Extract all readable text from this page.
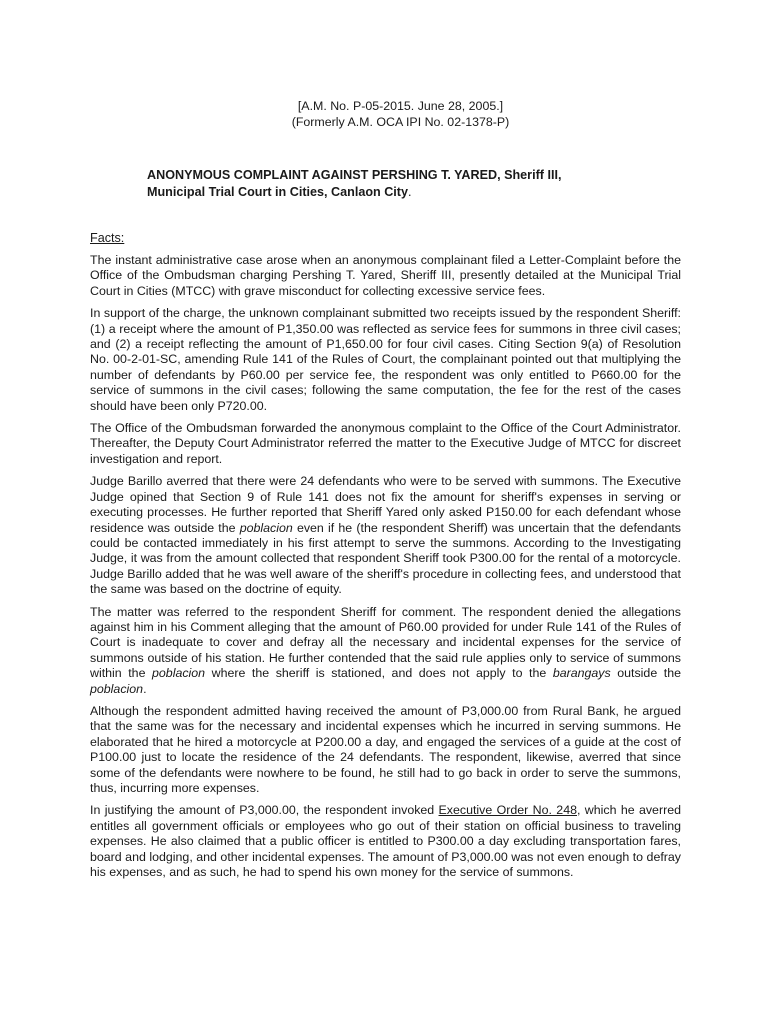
[A.M. No. P-05-2015. June 28, 2005.]
(Formerly A.M. OCA IPI No. 02-1378-P)
ANONYMOUS COMPLAINT AGAINST PERSHING T. YARED, Sheriff III,
Municipal Trial Court in Cities, Canlaon City.
Facts:

The instant administrative case arose when an anonymous complainant filed a Letter-Complaint before the Office of the Ombudsman charging Pershing T. Yared, Sheriff III, presently detailed at the Municipal Trial Court in Cities (MTCC) with grave misconduct for collecting excessive service fees.

In support of the charge, the unknown complainant submitted two receipts issued by the respondent Sheriff: (1) a receipt where the amount of P1,350.00 was reflected as service fees for summons in three civil cases; and (2) a receipt reflecting the amount of P1,650.00 for four civil cases. Citing Section 9(a) of Resolution No. 00-2-01-SC, amending Rule 141 of the Rules of Court, the complainant pointed out that multiplying the number of defendants by P60.00 per service fee, the respondent was only entitled to P660.00 for the service of summons in the civil cases; following the same computation, the fee for the rest of the cases should have been only P720.00.

The Office of the Ombudsman forwarded the anonymous complaint to the Office of the Court Administrator. Thereafter, the Deputy Court Administrator referred the matter to the Executive Judge of MTCC for discreet investigation and report.

Judge Barillo averred that there were 24 defendants who were to be served with summons. The Executive Judge opined that Section 9 of Rule 141 does not fix the amount for sheriff's expenses in serving or executing processes. He further reported that Sheriff Yared only asked P150.00 for each defendant whose residence was outside the poblacion even if he (the respondent Sheriff) was uncertain that the defendants could be contacted immediately in his first attempt to serve the summons. According to the Investigating Judge, it was from the amount collected that respondent Sheriff took P300.00 for the rental of a motorcycle. Judge Barillo added that he was well aware of the sheriff's procedure in collecting fees, and understood that the same was based on the doctrine of equity.

The matter was referred to the respondent Sheriff for comment. The respondent denied the allegations against him in his Comment alleging that the amount of P60.00 provided for under Rule 141 of the Rules of Court is inadequate to cover and defray all the necessary and incidental expenses for the service of summons outside of his station. He further contended that the said rule applies only to service of summons within the poblacion where the sheriff is stationed, and does not apply to the barangays outside the poblacion.

Although the respondent admitted having received the amount of P3,000.00 from Rural Bank, he argued that the same was for the necessary and incidental expenses which he incurred in serving summons. He elaborated that he hired a motorcycle at P200.00 a day, and engaged the services of a guide at the cost of P100.00 just to locate the residence of the 24 defendants. The respondent, likewise, averred that since some of the defendants were nowhere to be found, he still had to go back in order to serve the summons, thus, incurring more expenses.

In justifying the amount of P3,000.00, the respondent invoked Executive Order No. 248, which he averred entitles all government officials or employees who go out of their station on official business to traveling expenses. He also claimed that a public officer is entitled to P300.00 a day excluding transportation fares, board and lodging, and other incidental expenses. The amount of P3,000.00 was not even enough to defray his expenses, and as such, he had to spend his own money for the service of summons.
